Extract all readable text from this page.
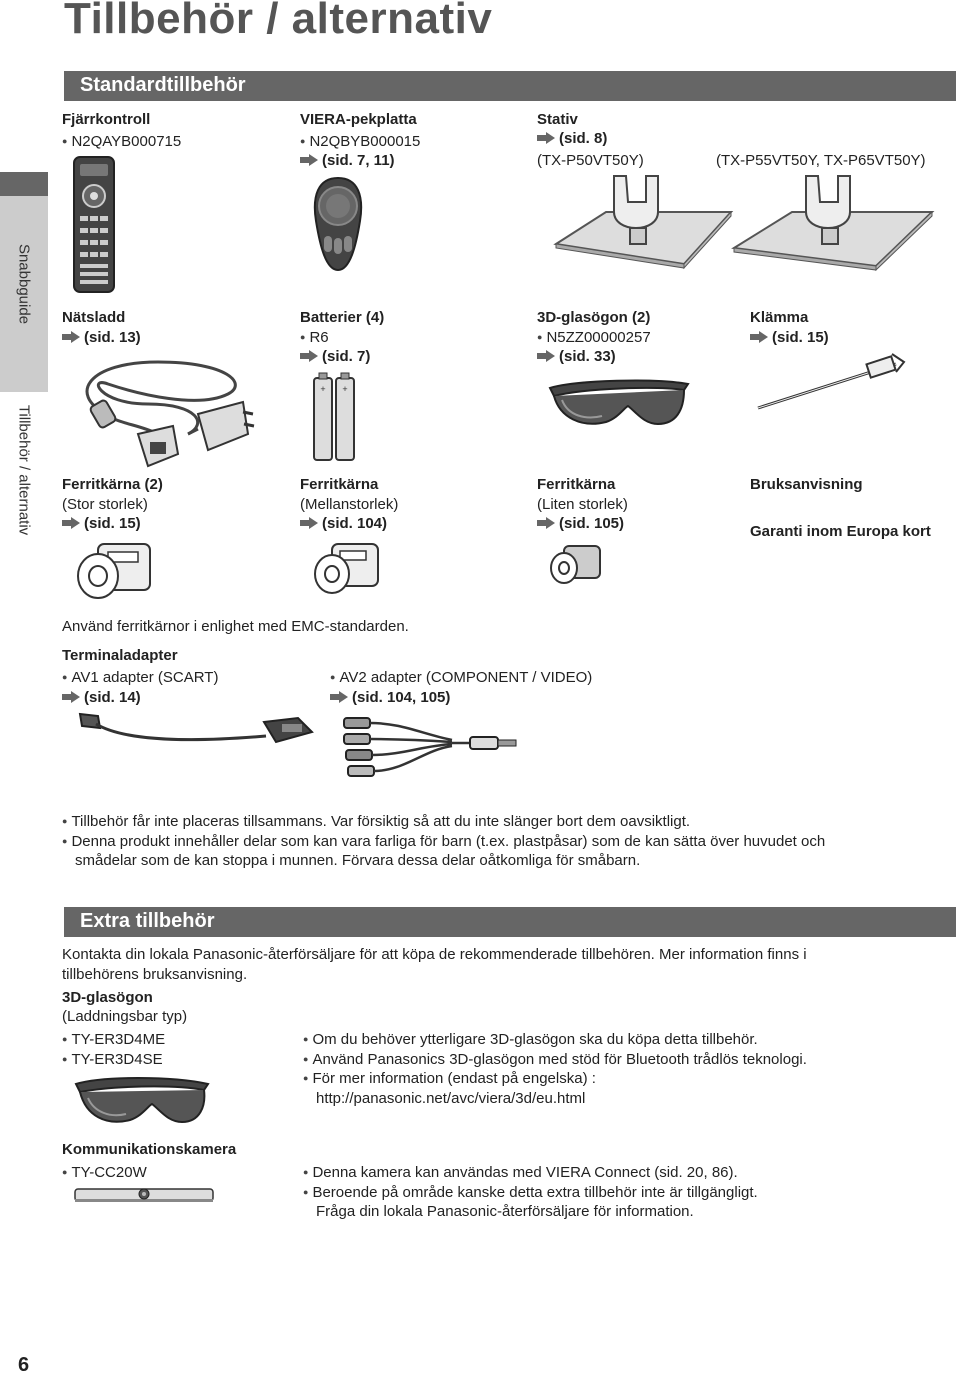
Tillbehör / alternativ
Snabbguide
Tillbehör / alternativ
Standardtillbehör
Fjärrkontroll
● N2QAYB000715
VIERA-pekplatta
● N2QBYB000015
(sid. 7, 11)
Stativ
(sid. 8)
(TX-P50VT50Y)	(TX-P55VT50Y, TX-P65VT50Y)
Nätsladd
(sid. 13)
Batterier (4)
● R6
(sid. 7)
3D-glasögon (2)
● N5ZZ00000257
(sid. 33)
Klämma
(sid. 15)
+ +
Ferritkärna (2)
(Stor storlek)
(sid. 15)
Ferritkärna
(Mellanstorlek)
(sid. 104)
Ferritkärna
(Liten storlek)
(sid. 105)
Bruksanvisning
Garanti inom Europa kort
Använd ferritkärnor i enlighet med EMC-standarden.
Terminaladapter
● AV1 adapter (SCART)
(sid. 14)
● AV2 adapter (COMPONENT / VIDEO)
(sid. 104, 105)
● Tillbehör får inte placeras tillsammans. Var försiktig så att du inte slänger bort dem oavsiktligt.
● Denna produkt innehåller delar som kan vara farliga för barn (t.ex. plastpåsar) som de kan sätta över huvudet och
smådelar som de kan stoppa i munnen. Förvara dessa delar oåtkomliga för småbarn.
Extra tillbehör
Kontakta din lokala Panasonic-återförsäljare för att köpa de rekommenderade tillbehören. Mer information finns i
tillbehörens bruksanvisning.
3D-glasögon
(Laddningsbar typ)
● TY-ER3D4ME
● TY-ER3D4SE
● Om du behöver ytterligare 3D-glasögon ska du köpa detta tillbehör.
● Använd Panasonics 3D-glasögon med stöd för Bluetooth trådlös teknologi.
● För mer information (endast på engelska) :
http://panasonic.net/avc/viera/3d/eu.html
Kommunikationskamera
● TY-CC20W
●	Denna kamera kan användas med VIERA Connect (sid. 20, 86).
● Beroende på område kanske detta extra tillbehör inte är tillgängligt.
Fråga din lokala Panasonic-återförsäljare för information.
6
